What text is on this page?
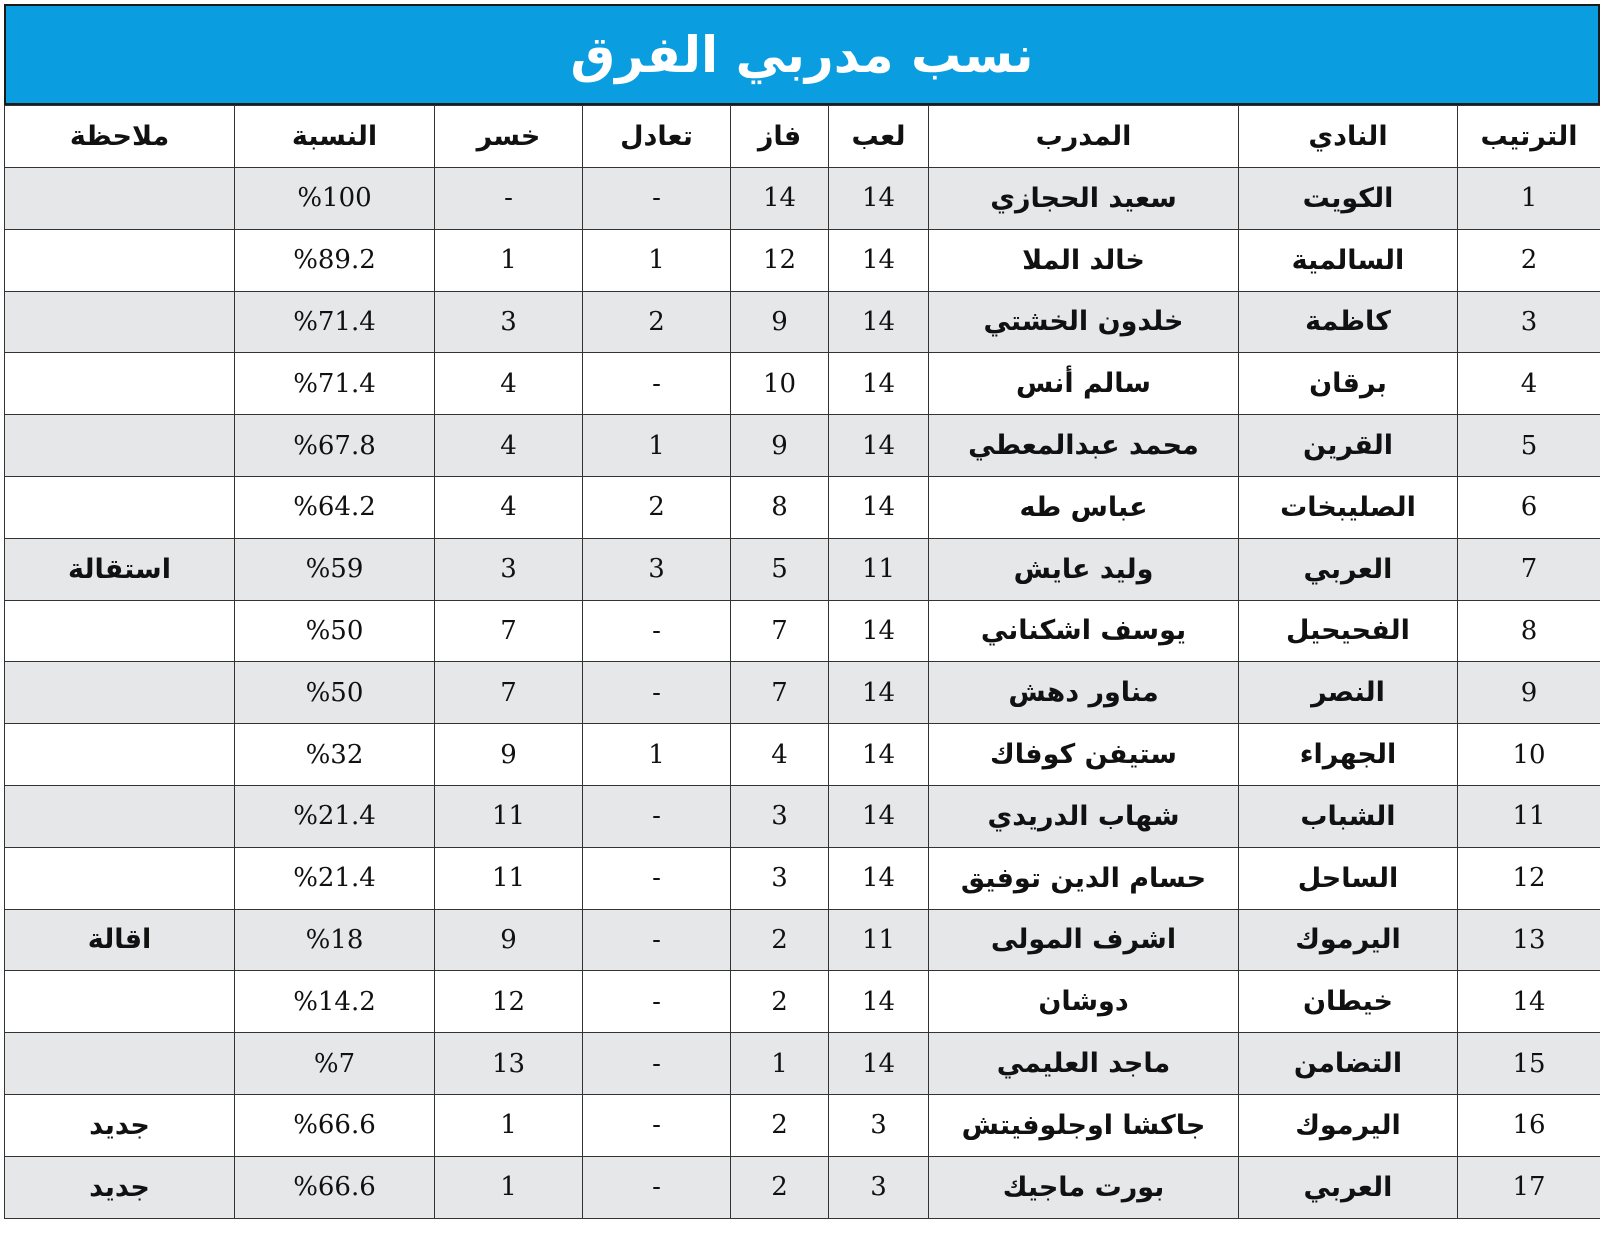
نسب مدربي الفرق
الترتيب	النادي	المدرب	لعب	فاز	تعادل	خسر	النسبة	ملاحظة
1	الكويت	سعيد الحجازي	14	14	-	-	%100	
2	السالمية	خالد الملا	14	12	1	1	%89.2	
3	كاظمة	خلدون الخشتي	14	9	2	3	%71.4	
4	برقان	سالم أنس	14	10	-	4	%71.4	
5	القرين	محمد عبدالمعطي	14	9	1	4	%67.8	
6	الصليبخات	عباس طه	14	8	2	4	%64.2	
7	العربي	وليد عايش	11	5	3	3	%59	استقالة
8	الفحيحيل	يوسف اشكناني	14	7	-	7	%50	
9	النصر	مناور دهش	14	7	-	7	%50	
10	الجهراء	ستيفن كوفاك	14	4	1	9	%32	
11	الشباب	شهاب الدريدي	14	3	-	11	%21.4	
12	الساحل	حسام الدين توفيق	14	3	-	11	%21.4	
13	اليرموك	اشرف المولى	11	2	-	9	%18	اقالة
14	خيطان	دوشان	14	2	-	12	%14.2	
15	التضامن	ماجد العليمي	14	1	-	13	%7	
16	اليرموك	جاكشا اوجلوفيتش	3	2	-	1	%66.6	جديد
17	العربي	بورت ماجيك	3	2	-	1	%66.6	جديد
